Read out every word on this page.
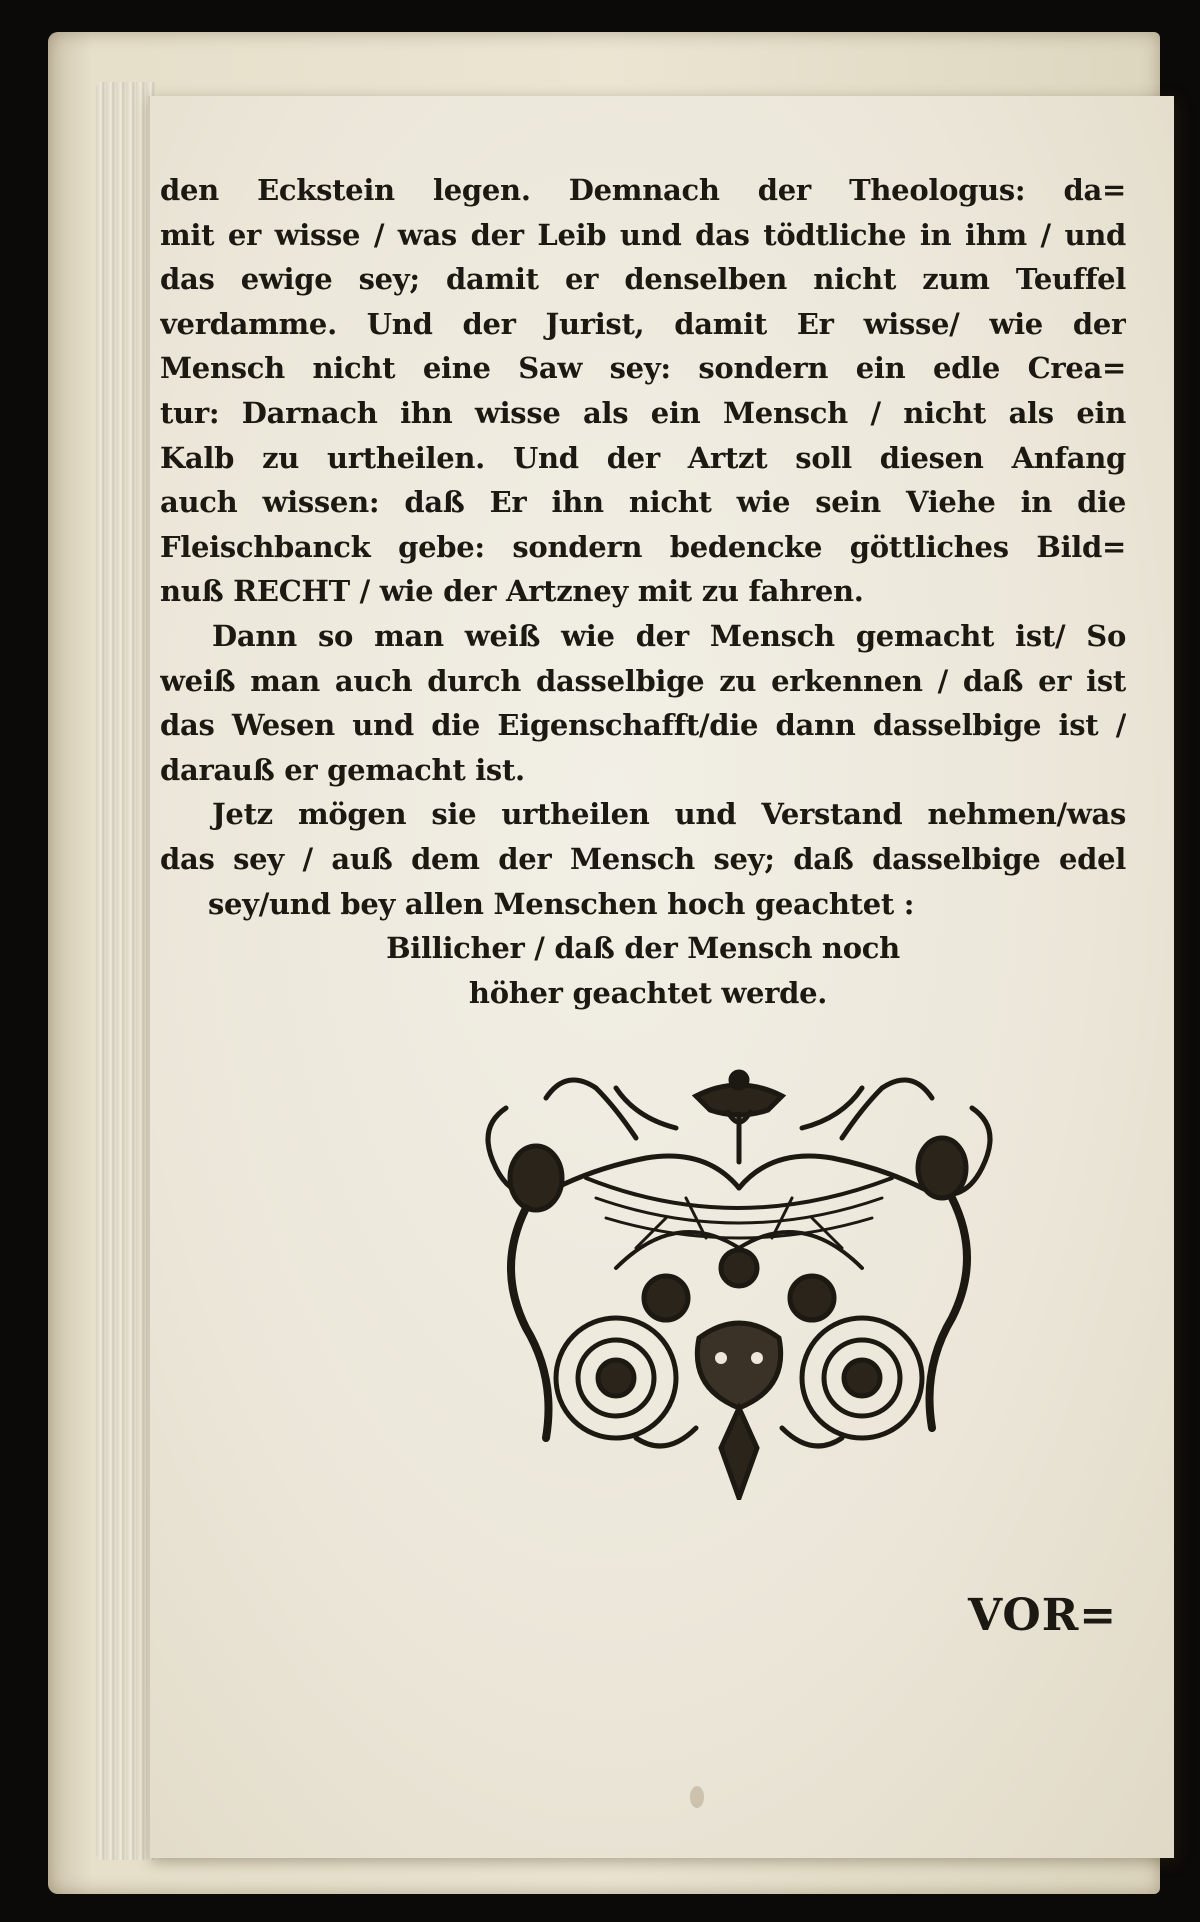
den Eckstein legen. Demnach der Theologus: da=
mit er wisse / was der Leib und das tödtliche in ihm / und
das ewige sey; damit er denselben nicht zum Teuffel
verdamme. Und der Jurist, damit Er wisse/ wie der
Mensch nicht eine Saw sey: sondern ein edle Crea=
tur: Darnach ihn wisse als ein Mensch / nicht als ein
Kalb zu urtheilen. Und der Artzt soll diesen Anfang
auch wissen: daß Er ihn nicht wie sein Viehe in die
Fleischbanck gebe: sondern bedencke göttliches Bild=
nuß RECHT / wie der Artzney mit zu fahren.
Dann so man weiß wie der Mensch gemacht ist/ So
weiß man auch durch dasselbige zu erkennen / daß er ist
das Wesen und die Eigenschafft/die dann dasselbige ist /
darauß er gemacht ist.
Jetz mögen sie urtheilen und Verstand nehmen/was
das sey / auß dem der Mensch sey; daß dasselbige edel
sey/und bey allen Menschen hoch geachtet :
Billicher / daß der Mensch noch
höher geachtet werde.
VOR=
